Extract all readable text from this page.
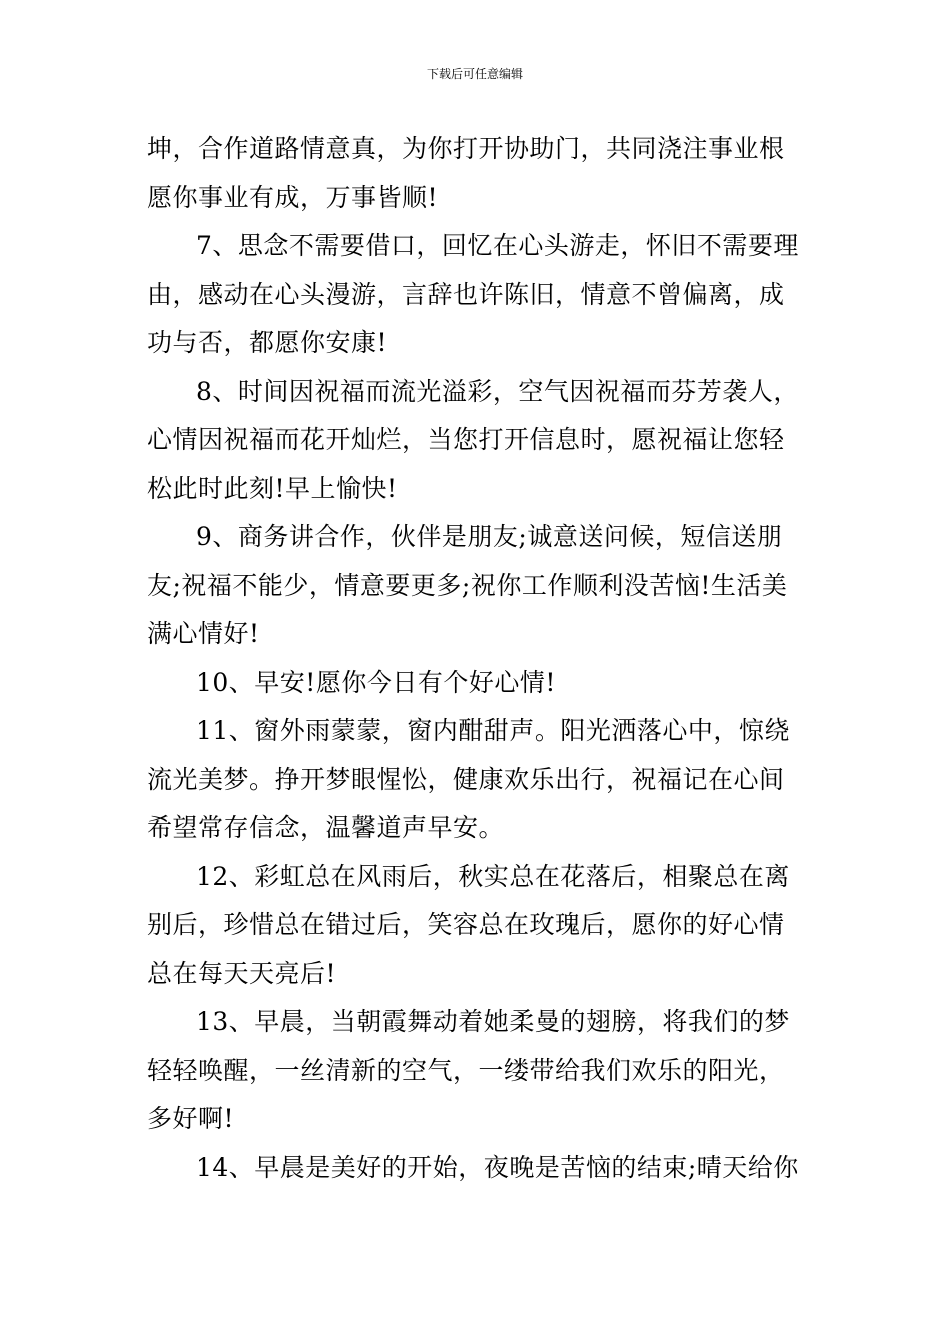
下载后可任意编辑
坤，合作道路情意真，为你打开协助门，共同浇注事业根
愿你事业有成，万事皆顺!
7、思念不需要借口，回忆在心头游走，怀旧不需要理
由，感动在心头漫游，言辞也许陈旧，情意不曾偏离，成
功与否，都愿你安康!
8、时间因祝福而流光溢彩，空气因祝福而芬芳袭人，
心情因祝福而花开灿烂，当您打开信息时，愿祝福让您轻
松此时此刻!早上愉快!
9、商务讲合作，伙伴是朋友;诚意送问候，短信送朋
友;祝福不能少，情意要更多;祝你工作顺利没苦恼!生活美
满心情好!
10、早安!愿你今日有个好心情!
11、窗外雨蒙蒙，窗内酣甜声。阳光洒落心中，惊绕
流光美梦。挣开梦眼惺忪，健康欢乐出行，祝福记在心间
希望常存信念，温馨道声早安。
12、彩虹总在风雨后，秋实总在花落后，相聚总在离
别后，珍惜总在错过后，笑容总在玫瑰后，愿你的好心情
总在每天天亮后!
13、早晨，当朝霞舞动着她柔曼的翅膀，将我们的梦
轻轻唤醒，一丝清新的空气，一缕带给我们欢乐的阳光，
多好啊!
14、早晨是美好的开始，夜晚是苦恼的结束;晴天给你
